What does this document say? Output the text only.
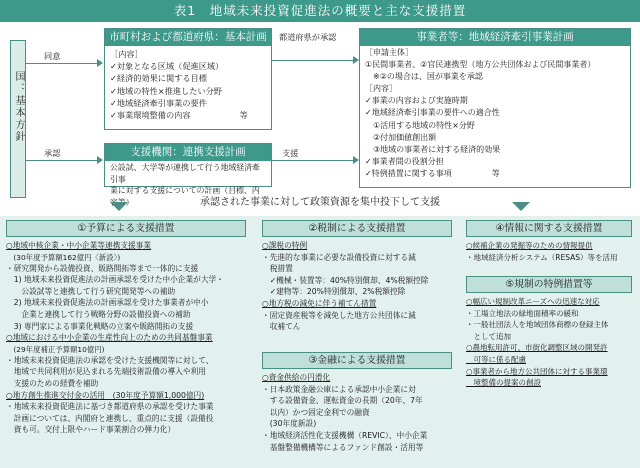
表1　地域未来投資促進法の概要と主な支援措置
国：基本方針
同意
承認
市町村および都道府県：基本計画
［内容］
✓対象となる区域（促進区域）
✓経済的効果に関する目標
✓地域の特性×推進したい分野
✓地域経済牽引事業の要件
✓事業環境整備の内容　　　　　　等
支援機関：連携支援計画
公設試、大学等が連携して行う地域経済牽引事
業に対する支援についての計画（目標、内容等）
都道府県が承認
支援
事業者等：地域経済牽引事業計画
［申請主体］
①民間事業者、②官民連携型（地方公共団体および民間事業者）
　※②の場合は、国が事業を承認
［内容］
✓事業の内容および実施時期
✓地域経済牽引事業の要件への適合性
　①活用する地域の特性×分野
　②付加価値創出額
　③地域の事業者に対する経済的効果
✓事業者間の役割分担
✓特例措置に関する事項　　　　　等
承認された事業に対して政策資源を集中投下して支援
①予算による支援措置
○地域中核企業・中小企業等連携支援事業
　(30年度予算額162億円〈新設〉)
・研究開発から設備投資、販路開拓等まで一体的に支援
　1) 地域未来投資促進法の計画承認を受けた中小企業が大学・
　　公設試等と連携して行う研究開発等への補助
　2) 地域未来投資促進法の計画承認を受けた事業者が中小
　　企業と連携して行う戦略分野の設備投資への補助
　3) 専門家による事業化戦略の立案や販路開拓の支援
○地域における中小企業の生産性向上のための共同基盤事業
　(29年度補正予算額10億円)
・地域未来投資促進法の承認を受けた支援機関等に対して、
　地域で共同利用が見込まれる先端技術設備の導入や利用
　支援のための経費を補助
○地方創生推進交付金の活用　(30年度予算額1,000億円)
・地域未来投資促進法に基づき都道府県の承認を受けた事業
　計画については、内閣府と連携し、重点的に支援（設備投
　資も可。交付上限やハード事業割合の弾力化）
②税制による支援措置
○課税の特例
・先進的な事業に必要な設備投資に対する減
　税措置
　✓機械・装置等：40%特別償却、4%税額控除
　✓建物等：20%特別償却、2%税額控除
○地方税の減免に伴う補てん措置
・固定資産税等を減免した地方公共団体に減
　収補てん
③金融による支援措置
○資金供給の円滑化
・日本政策金融公庫による承認中小企業に対
　する設備資金、運転資金の長期（20年、7年
　以内）かつ固定金利での融資
　(30年度新設)
・地域経済活性化支援機構（REVIC）、中小企業
　基盤整備機構等によるファンド創設・活用等
④情報に関する支援措置
○候補企業の発掘等のための情報提供
・地域経済分析システム（RESAS）等を活用
⑤規制の特例措置等
○幅広い規制改革ニーズへの迅速な対応
・工場立地法の緑地面積率の緩和
・一般社団法人を地域団体商標の登録主体
　として追加
○農地転用許可、市街化調整区域の開発許
　可等に係る配慮
○事業者から地方公共団体に対する事業環
　境整備の提案の創設
